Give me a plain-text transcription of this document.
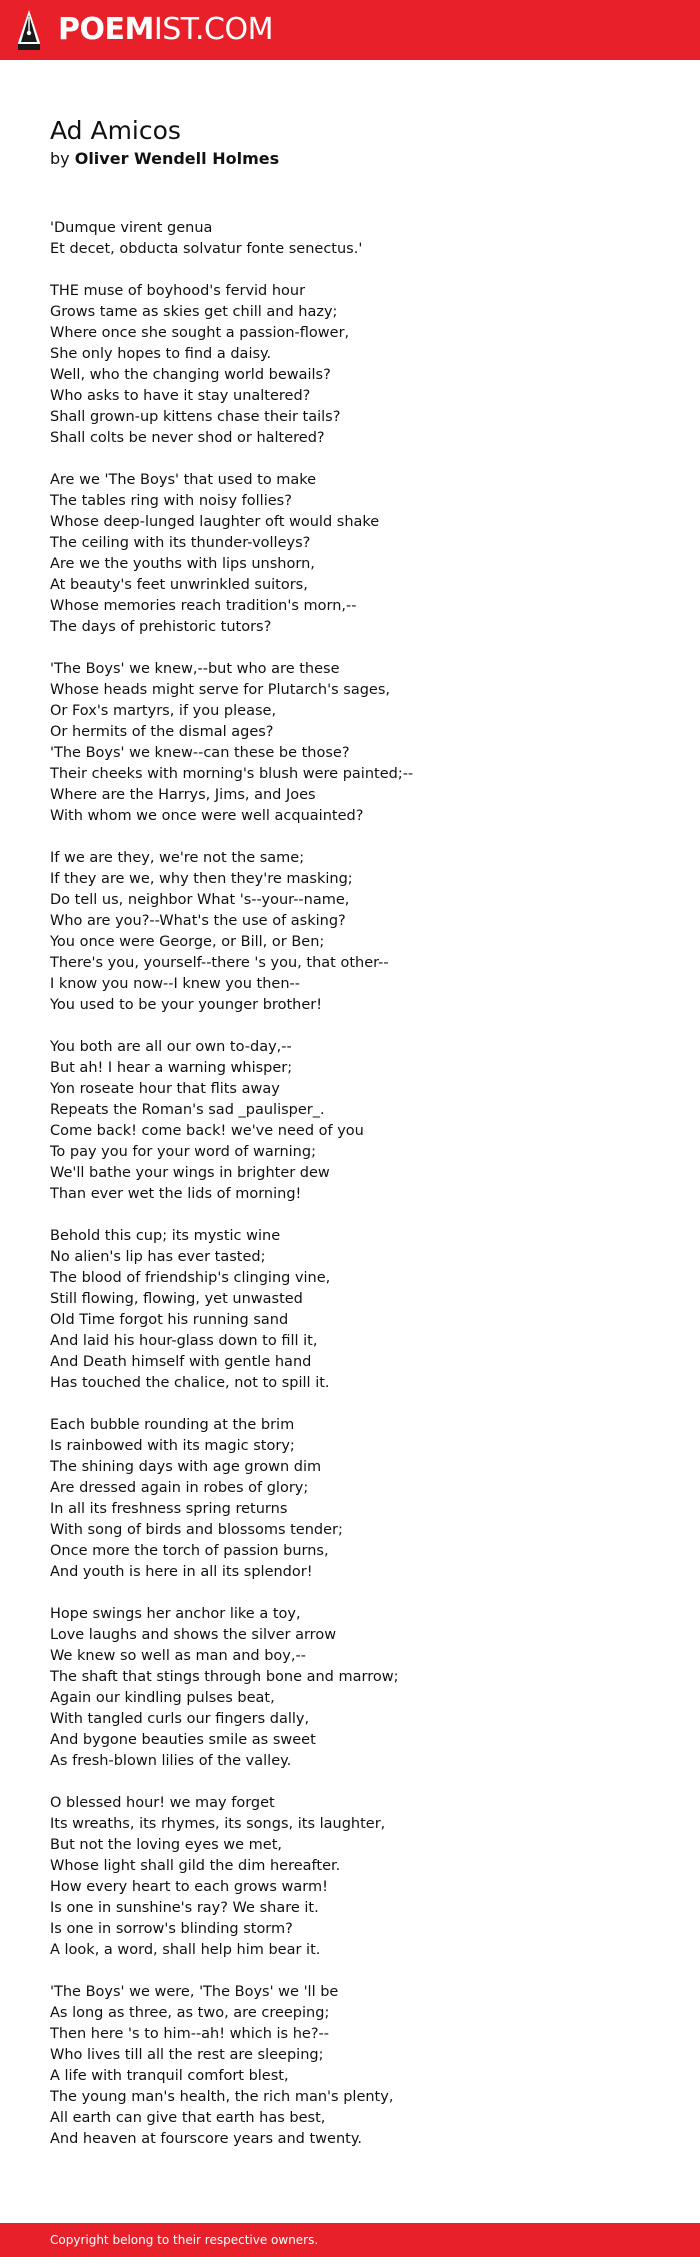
POEMIST.COM
Ad Amicos
by Oliver Wendell Holmes
'Dumque virent genua
Et decet, obducta solvatur fonte senectus.'
THE muse of boyhood's fervid hour
Grows tame as skies get chill and hazy;
Where once she sought a passion-flower,
She only hopes to find a daisy.
Well, who the changing world bewails?
Who asks to have it stay unaltered?
Shall grown-up kittens chase their tails?
Shall colts be never shod or haltered?
Are we 'The Boys' that used to make
The tables ring with noisy follies?
Whose deep-lunged laughter oft would shake
The ceiling with its thunder-volleys?
Are we the youths with lips unshorn,
At beauty's feet unwrinkled suitors,
Whose memories reach tradition's morn,--
The days of prehistoric tutors?
'The Boys' we knew,--but who are these
Whose heads might serve for Plutarch's sages,
Or Fox's martyrs, if you please,
Or hermits of the dismal ages?
'The Boys' we knew--can these be those?
Their cheeks with morning's blush were painted;--
Where are the Harrys, Jims, and Joes
With whom we once were well acquainted?
If we are they, we're not the same;
If they are we, why then they're masking;
Do tell us, neighbor What 's--your--name,
Who are you?--What's the use of asking?
You once were George, or Bill, or Ben;
There's you, yourself--there 's you, that other--
I know you now--I knew you then--
You used to be your younger brother!
You both are all our own to-day,--
But ah! I hear a warning whisper;
Yon roseate hour that flits away
Repeats the Roman's sad _paulisper_.
Come back! come back! we've need of you
To pay you for your word of warning;
We'll bathe your wings in brighter dew
Than ever wet the lids of morning!
Behold this cup; its mystic wine
No alien's lip has ever tasted;
The blood of friendship's clinging vine,
Still flowing, flowing, yet unwasted
Old Time forgot his running sand
And laid his hour-glass down to fill it,
And Death himself with gentle hand
Has touched the chalice, not to spill it.
Each bubble rounding at the brim
Is rainbowed with its magic story;
The shining days with age grown dim
Are dressed again in robes of glory;
In all its freshness spring returns
With song of birds and blossoms tender;
Once more the torch of passion burns,
And youth is here in all its splendor!
Hope swings her anchor like a toy,
Love laughs and shows the silver arrow
We knew so well as man and boy,--
The shaft that stings through bone and marrow;
Again our kindling pulses beat,
With tangled curls our fingers dally,
And bygone beauties smile as sweet
As fresh-blown lilies of the valley.
O blessed hour! we may forget
Its wreaths, its rhymes, its songs, its laughter,
But not the loving eyes we met,
Whose light shall gild the dim hereafter.
How every heart to each grows warm!
Is one in sunshine's ray? We share it.
Is one in sorrow's blinding storm?
A look, a word, shall help him bear it.
'The Boys' we were, 'The Boys' we 'll be
As long as three, as two, are creeping;
Then here 's to him--ah! which is he?--
Who lives till all the rest are sleeping;
A life with tranquil comfort blest,
The young man's health, the rich man's plenty,
All earth can give that earth has best,
And heaven at fourscore years and twenty.
Copyright belong to their respective owners.
